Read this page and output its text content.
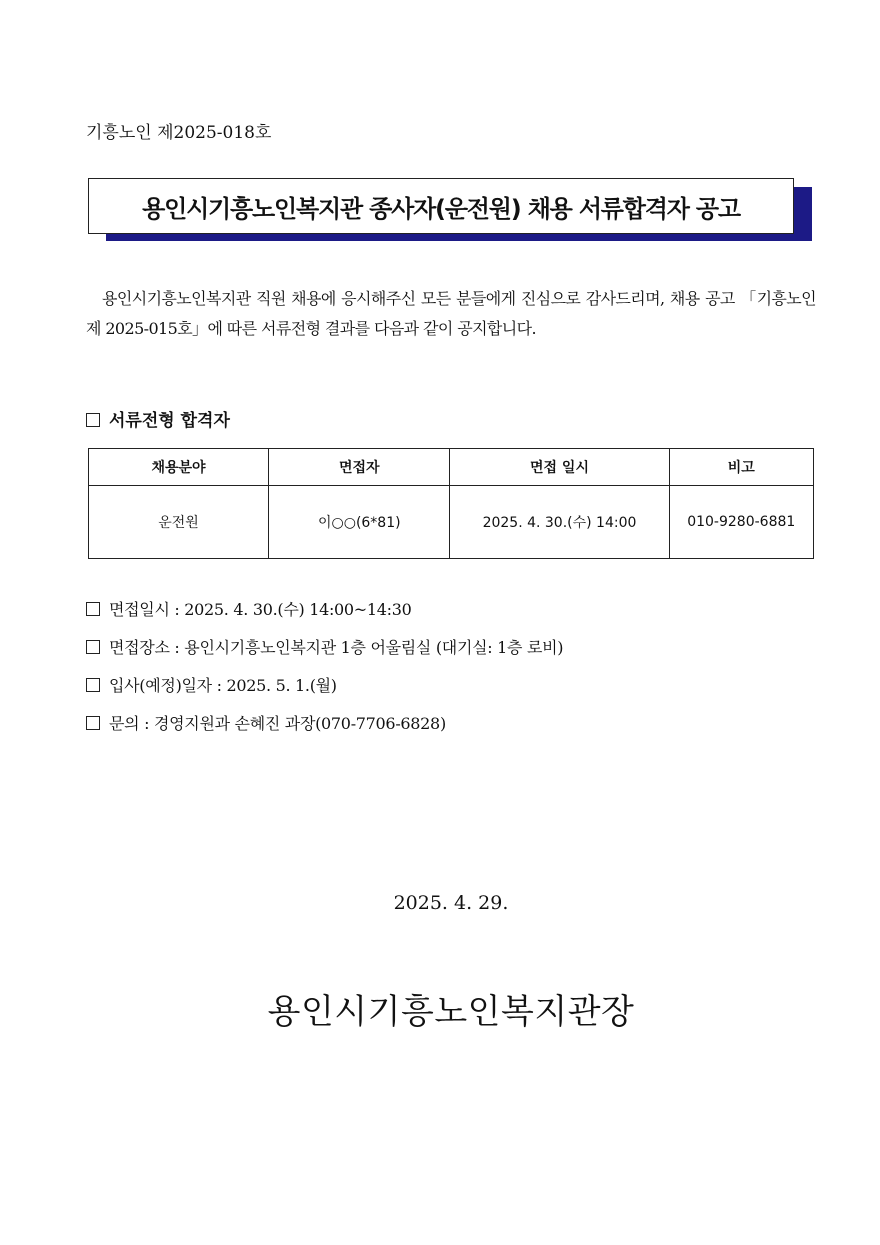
기흥노인 제2025-018호
용인시기흥노인복지관 종사자(운전원) 채용 서류합격자 공고
용인시기흥노인복지관 직원 채용에 응시해주신 모든 분들에게 진심으로 감사드리며, 채용 공고 「기흥노인 제 2025-015호」에 따른 서류전형 결과를 다음과 같이 공지합니다.
서류전형 합격자
채용분야	면접자	면접 일시	비고
운전원	이○○(6*81)	2025. 4. 30.(수) 14:00	010-9280-6881
면접일시 : 2025. 4. 30.(수) 14:00~14:30
면접장소 : 용인시기흥노인복지관 1층 어울림실 (대기실: 1층 로비)
입사(예정)일자 : 2025. 5. 1.(월)
문의 : 경영지원과 손혜진 과장(070-7706-6828)
2025. 4. 29.
용인시기흥노인복지관장
